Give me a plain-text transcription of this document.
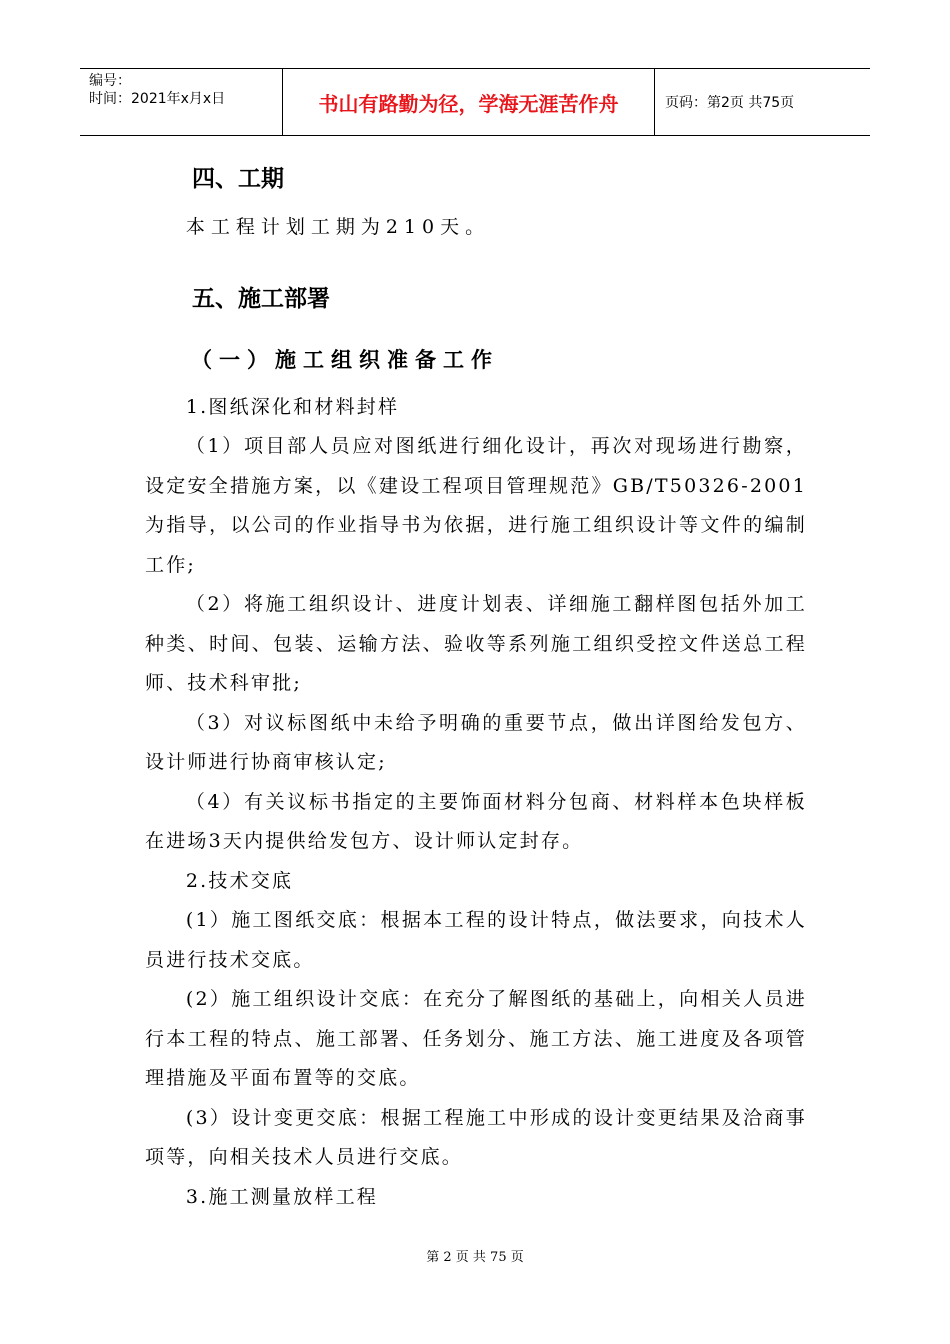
编号：
时间：2021年x月x日	书山有路勤为径，学海无涯苦作舟	页码：第2页 共75页
四、工期

本工程计划工期为210天。

五、施工部署
（一）施工组织准备工作

1.图纸深化和材料封样

（1）项目部人员应对图纸进行细化设计，再次对现场进行勘察，设定安全措施方案，以《建设工程项目管理规范》GB/T50326-2001为指导，以公司的作业指导书为依据，进行施工组织设计等文件的编制工作;

（2）将施工组织设计、进度计划表、详细施工翻样图包括外加工种类、时间、包装、运输方法、验收等系列施工组织受控文件送总工程师、技术科审批;

（3）对议标图纸中未给予明确的重要节点，做出详图给发包方、设计师进行协商审核认定;

（4）有关议标书指定的主要饰面材料分包商、材料样本色块样板在进场3天内提供给发包方、设计师认定封存。

2.技术交底

(1）施工图纸交底：根据本工程的设计特点，做法要求，向技术人员进行技术交底。

(2）施工组织设计交底：在充分了解图纸的基础上，向相关人员进行本工程的特点、施工部署、任务划分、施工方法、施工进度及各项管理措施及平面布置等的交底。

(3）设计变更交底：根据工程施工中形成的设计变更结果及洽商事项等，向相关技术人员进行交底。

3.施工测量放样工程

第 2 页 共 75 页
